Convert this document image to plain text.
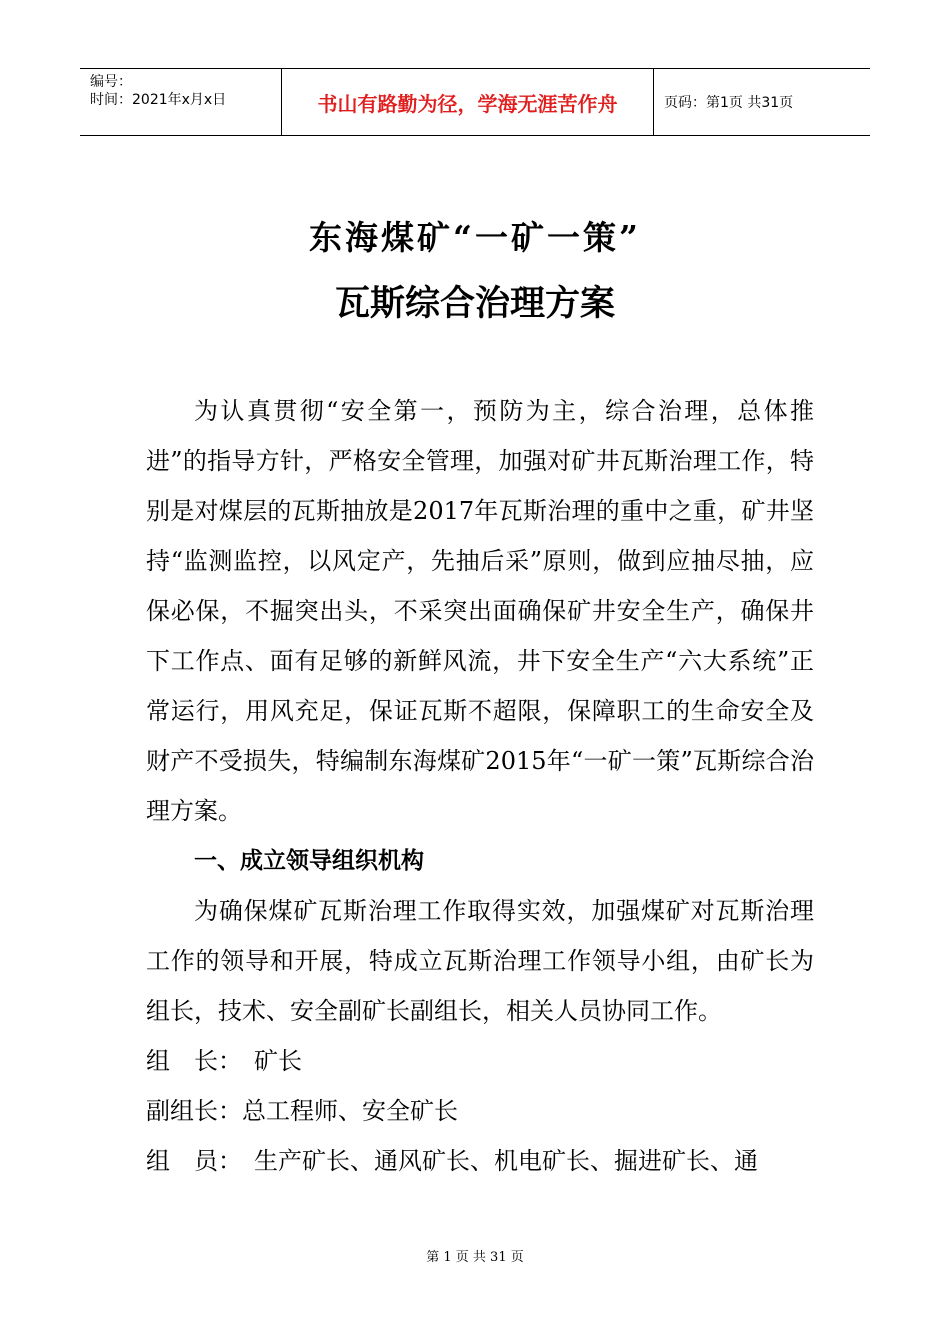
编号：
时间：2021年x月x日	书山有路勤为径，学海无涯苦作舟	页码：第1页 共31页
东海煤矿“一矿一策”
瓦斯综合治理方案

为认真贯彻“安全第一，预防为主，综合治理，总体推进”的指导方针，严格安全管理，加强对矿井瓦斯治理工作，特别是对煤层的瓦斯抽放是2017年瓦斯治理的重中之重，矿井坚持“监测监控，以风定产，先抽后采”原则，做到应抽尽抽，应保必保，不掘突出头，不采突出面确保矿井安全生产，确保井下工作点、面有足够的新鲜风流，井下安全生产“六大系统”正常运行，用风充足，保证瓦斯不超限，保障职工的生命安全及财产不受损失，特编制东海煤矿2015年“一矿一策”瓦斯综合治理方案。

一、成立领导组织机构

为确保煤矿瓦斯治理工作取得实效，加强煤矿对瓦斯治理工作的领导和开展，特成立瓦斯治理工作领导小组，由矿长为组长，技术、安全副矿长副组长，相关人员协同工作。

组　长： 矿长

副组长：总工程师、安全矿长

组　员： 生产矿长、通风矿长、机电矿长、掘进矿长、通

第 1 页 共 31 页
